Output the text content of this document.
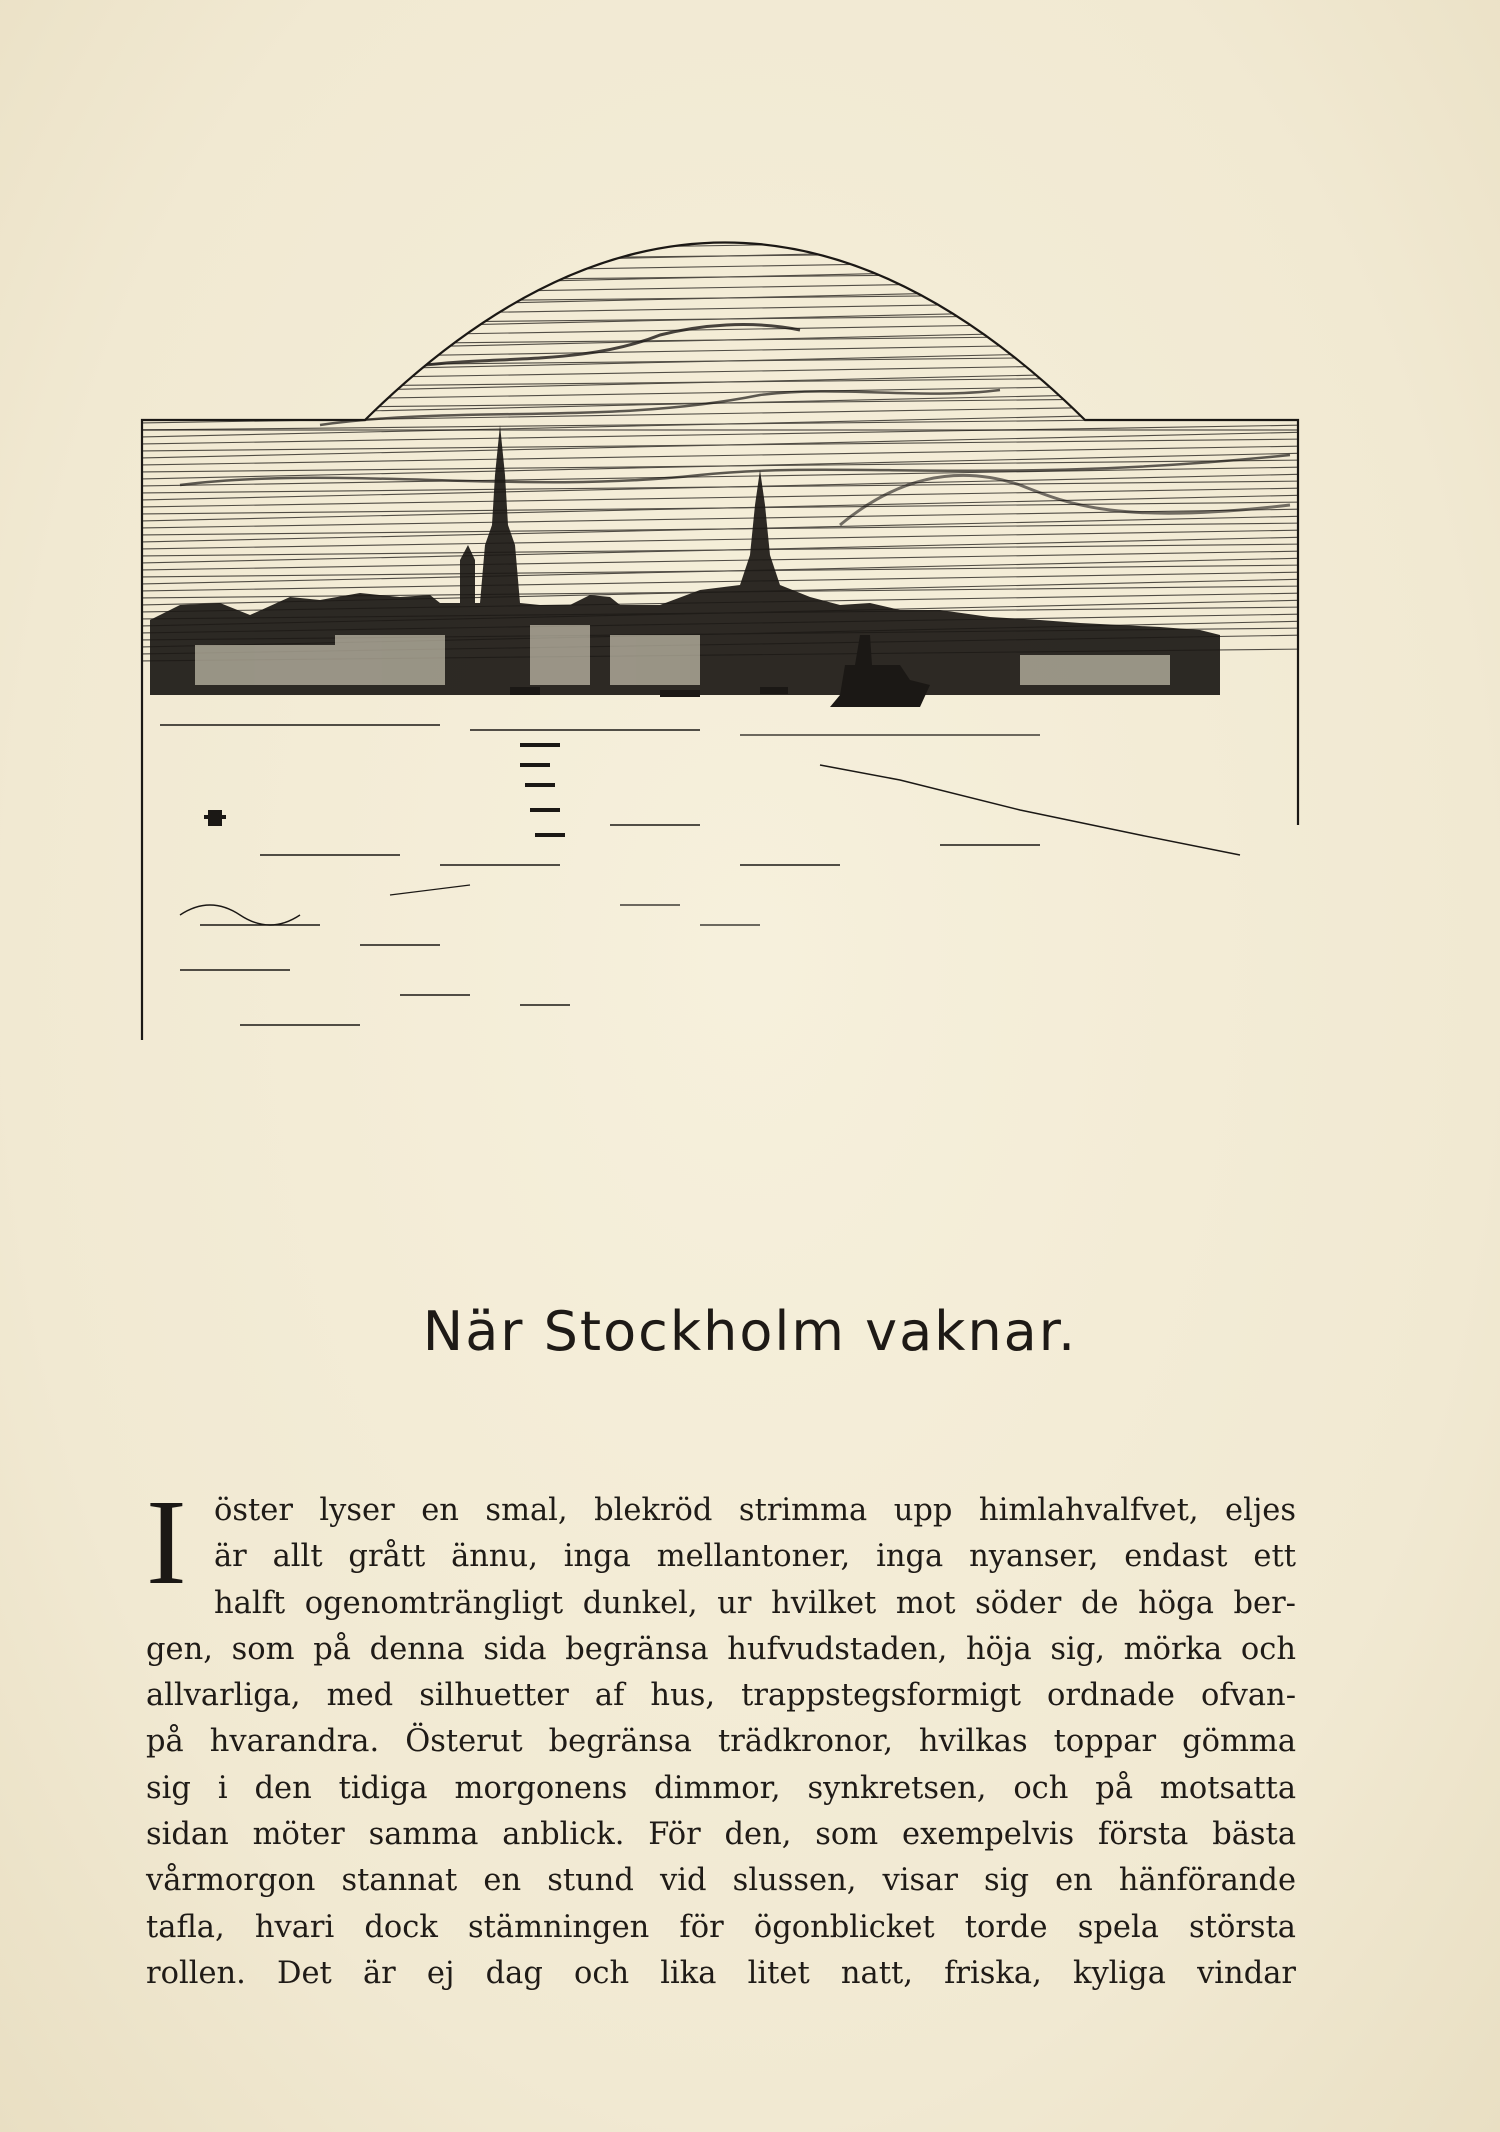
När Stockholm vaknar.
I öster lyser en smal, blekröd strimma upp himlahvalfvet, eljes
är allt grått ännu, inga mellantoner, inga nyanser, endast ett
halft ogenomträngligt dunkel, ur hvilket mot söder de höga ber-
gen, som på denna sida begränsa hufvudstaden, höja sig, mörka och
allvarliga, med silhuetter af hus, trappstegsformigt ordnade ofvan-
på hvarandra. Österut begränsa trädkronor, hvilkas toppar gömma
sig i den tidiga morgonens dimmor, synkretsen, och på motsatta
sidan möter samma anblick. För den, som exempelvis första bästa
vårmorgon stannat en stund vid slussen, visar sig en hänförande
tafla, hvari dock stämningen för ögonblicket torde spela största
rollen. Det är ej dag och lika litet natt, friska, kyliga vindar
